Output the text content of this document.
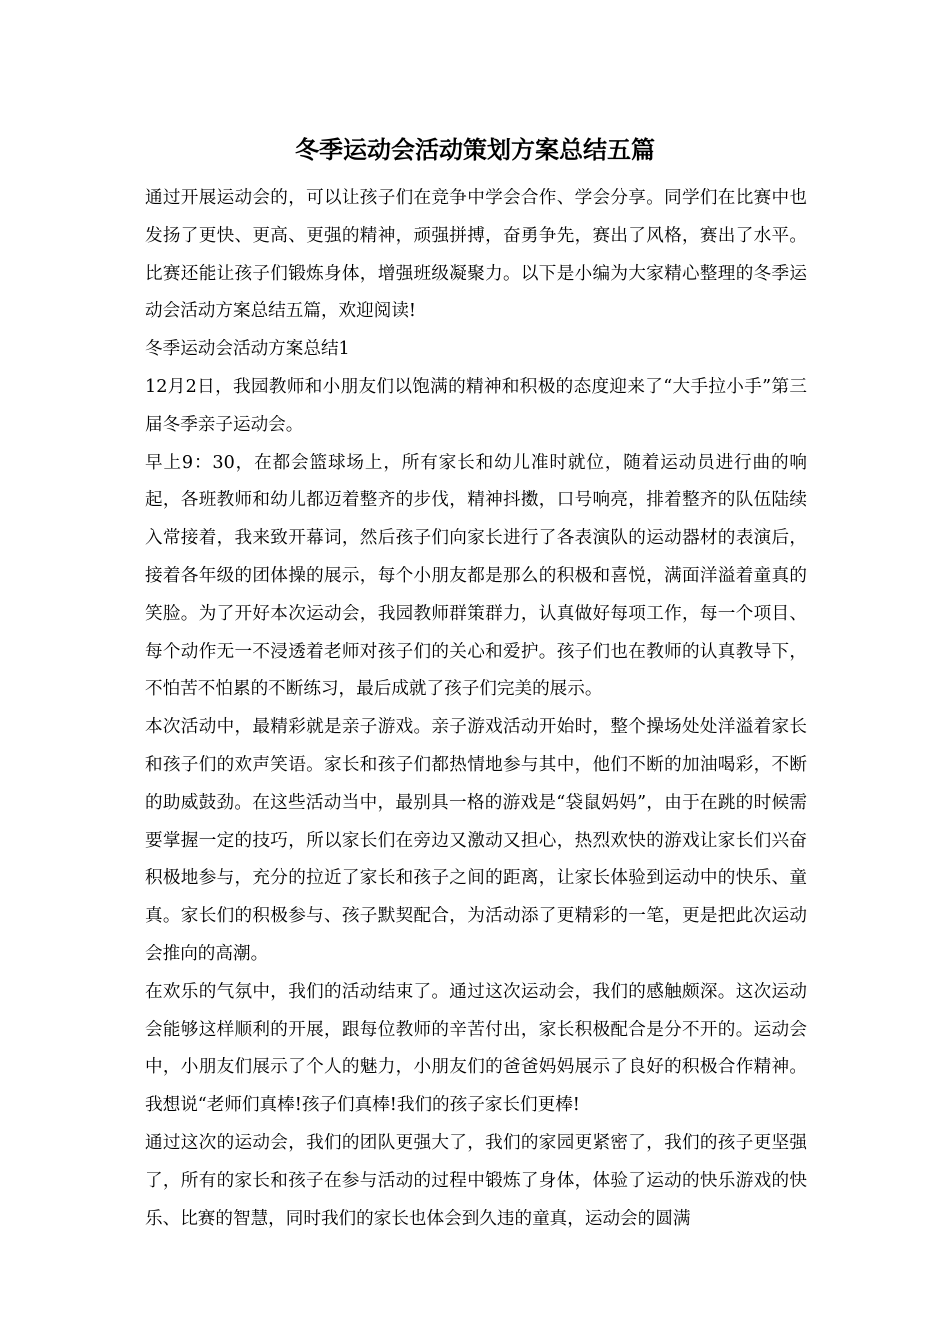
冬季运动会活动策划方案总结五篇

通过开展运动会的，可以让孩子们在竞争中学会合作、学会分享。同学们在比赛中也发扬了更快、更高、更强的精神，顽强拼搏，奋勇争先，赛出了风格，赛出了水平。比赛还能让孩子们锻炼身体，增强班级凝聚力。以下是小编为大家精心整理的冬季运动会活动方案总结五篇，欢迎阅读!

冬季运动会活动方案总结1

12月2日，我园教师和小朋友们以饱满的精神和积极的态度迎来了“大手拉小手”第三届冬季亲子运动会。

早上9：30，在都会篮球场上，所有家长和幼儿准时就位，随着运动员进行曲的响起，各班教师和幼儿都迈着整齐的步伐，精神抖擞，口号响亮，排着整齐的队伍陆续入常接着，我来致开幕词，然后孩子们向家长进行了各表演队的运动器材的表演后，接着各年级的团体操的展示，每个小朋友都是那么的积极和喜悦，满面洋溢着童真的笑脸。为了开好本次运动会，我园教师群策群力，认真做好每项工作，每一个项目、每个动作无一不浸透着老师对孩子们的关心和爱护。孩子们也在教师的认真教导下，不怕苦不怕累的不断练习，最后成就了孩子们完美的展示。

本次活动中，最精彩就是亲子游戏。亲子游戏活动开始时，整个操场处处洋溢着家长和孩子们的欢声笑语。家长和孩子们都热情地参与其中，他们不断的加油喝彩，不断的助威鼓劲。在这些活动当中，最别具一格的游戏是“袋鼠妈妈”，由于在跳的时候需要掌握一定的技巧，所以家长们在旁边又激动又担心，热烈欢快的游戏让家长们兴奋积极地参与，充分的拉近了家长和孩子之间的距离，让家长体验到运动中的快乐、童真。家长们的积极参与、孩子默契配合，为活动添了更精彩的一笔，更是把此次运动会推向的高潮。

在欢乐的气氛中，我们的活动结束了。通过这次运动会，我们的感触颇深。这次运动会能够这样顺利的开展，跟每位教师的辛苦付出，家长积极配合是分不开的。运动会中，小朋友们展示了个人的魅力，小朋友们的爸爸妈妈展示了良好的积极合作精神。我想说“老师们真棒!孩子们真棒!我们的孩子家长们更棒!

通过这次的运动会，我们的团队更强大了，我们的家园更紧密了，我们的孩子更坚强了，所有的家长和孩子在参与活动的过程中锻炼了身体，体验了运动的快乐游戏的快乐、比赛的智慧，同时我们的家长也体会到久违的童真，运动会的圆满
